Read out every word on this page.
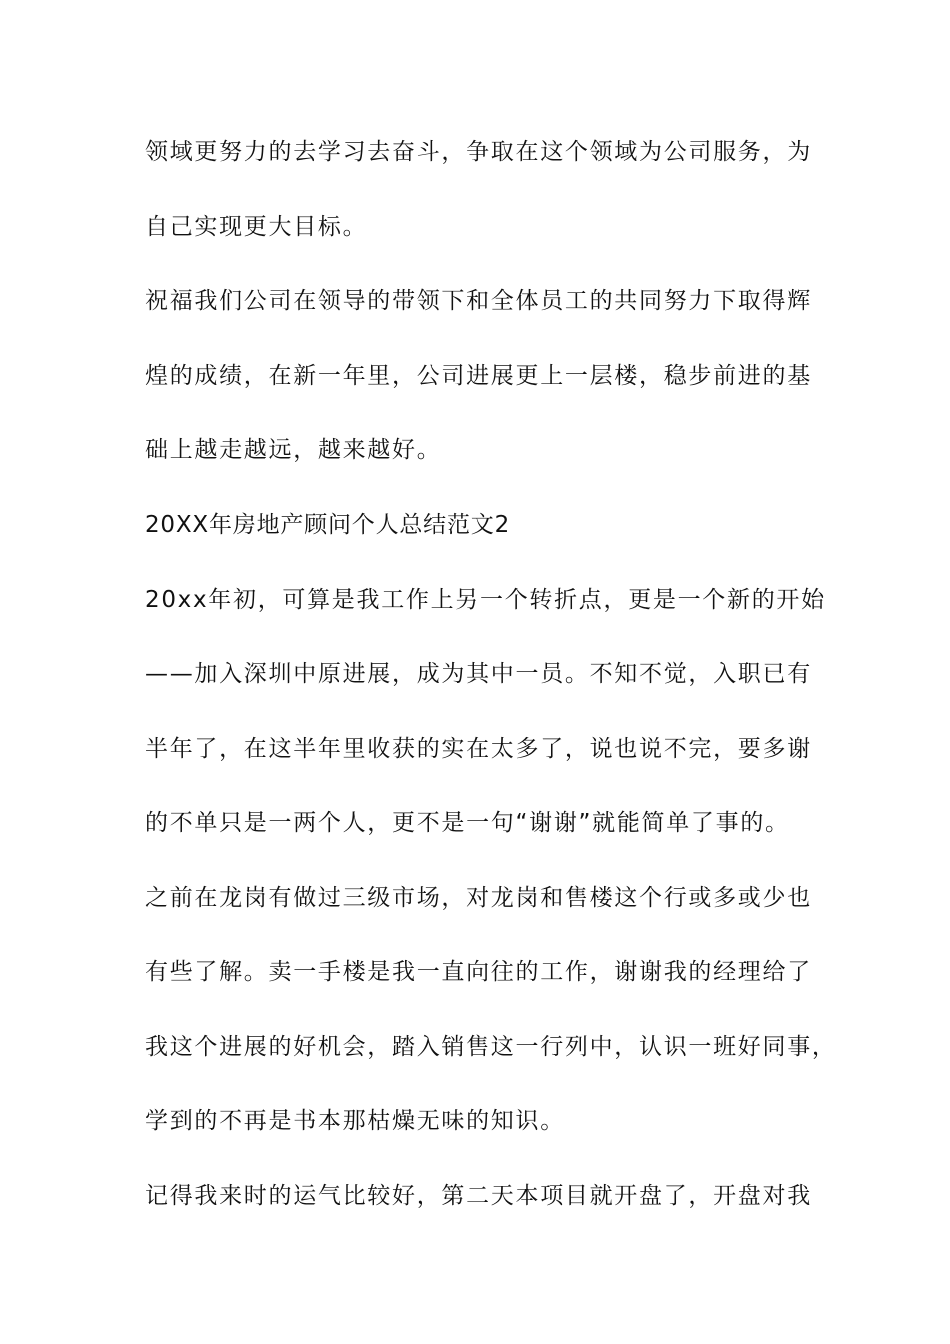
领域更努力的去学习去奋斗，争取在这个领域为公司服务，为
自己实现更大目标。
祝福我们公司在领导的带领下和全体员工的共同努力下取得辉
煌的成绩，在新一年里，公司进展更上一层楼，稳步前进的基
础上越走越远，越来越好。
20XX年房地产顾问个人总结范文2
20xx年初，可算是我工作上另一个转折点，更是一个新的开始
——加入深圳中原进展，成为其中一员。不知不觉，入职已有
半年了，在这半年里收获的实在太多了，说也说不完，要多谢
的不单只是一两个人，更不是一句“谢谢”就能简单了事的。
之前在龙岗有做过三级市场，对龙岗和售楼这个行或多或少也
有些了解。卖一手楼是我一直向往的工作，谢谢我的经理给了
我这个进展的好机会，踏入销售这一行列中，认识一班好同事，
学到的不再是书本那枯燥无味的知识。
记得我来时的运气比较好，第二天本项目就开盘了，开盘对我
